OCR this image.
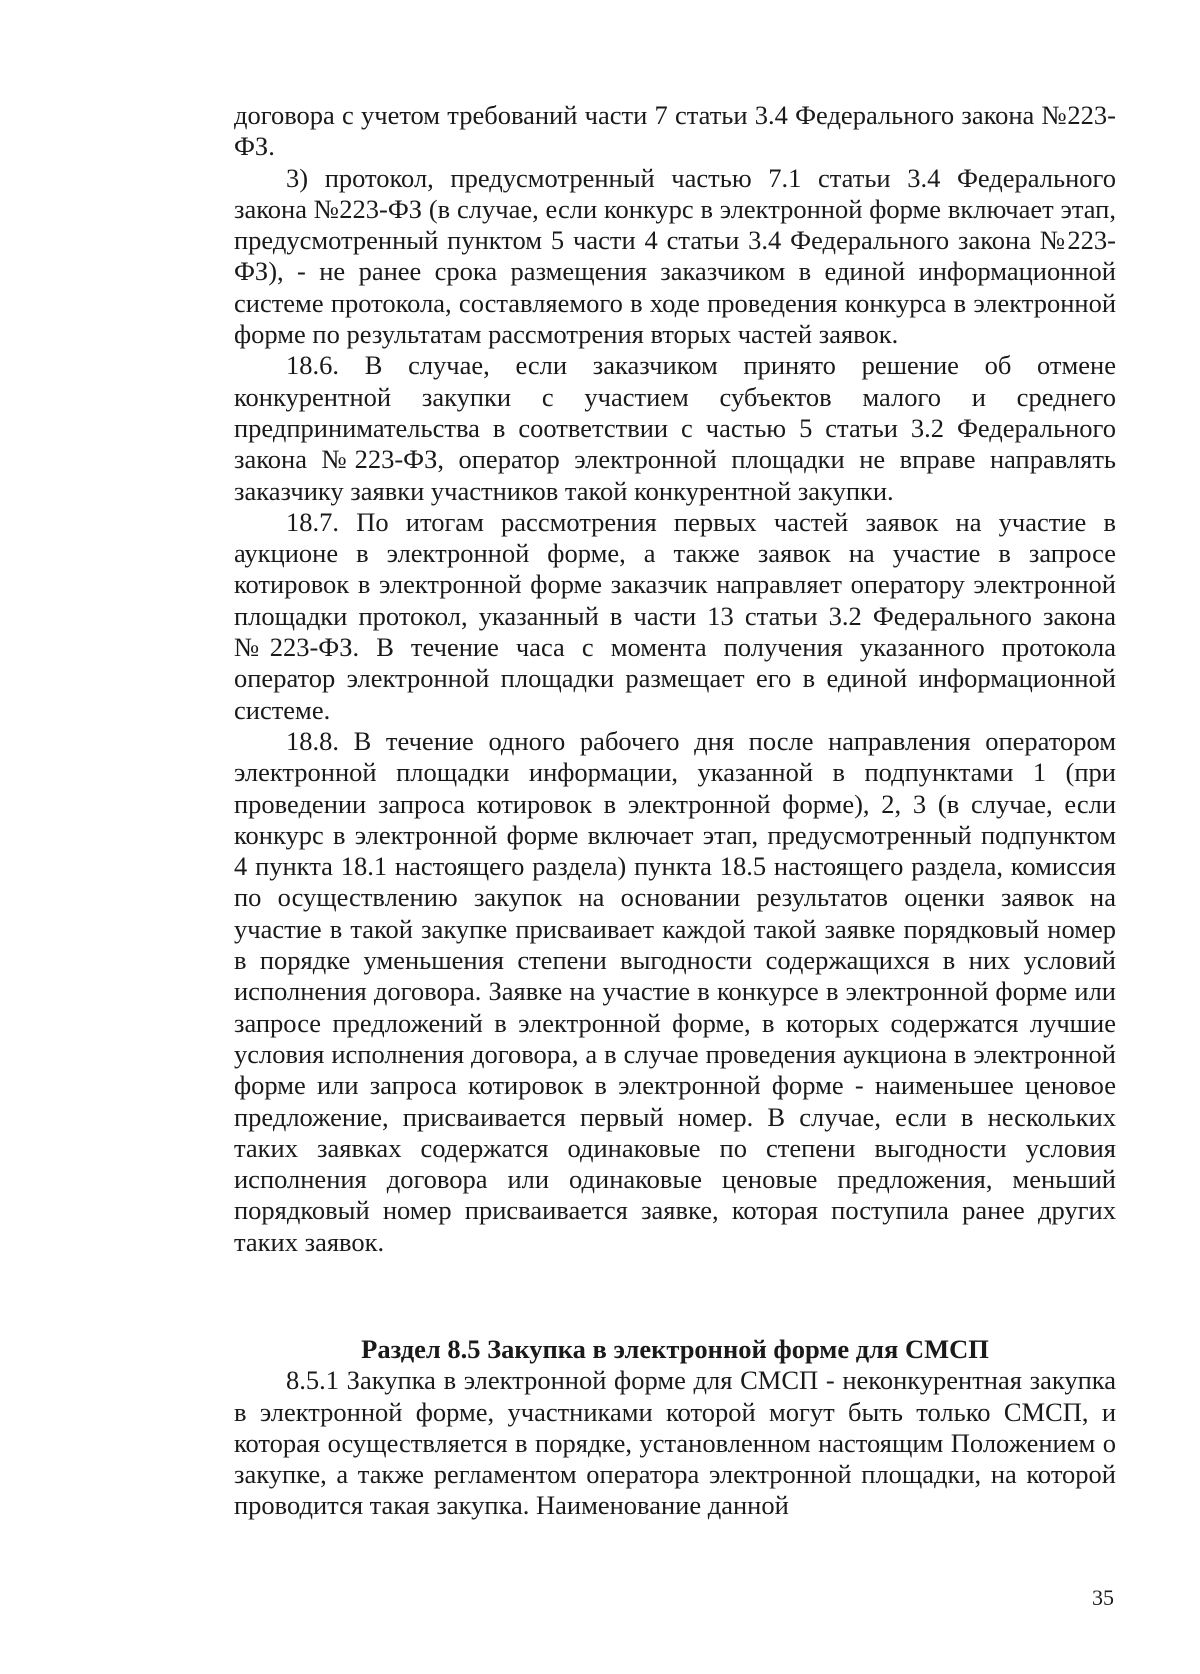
договора с учетом требований части 7 статьи 3.4 Федерального закона №223-ФЗ.

3) протокол, предусмотренный частью 7.1 статьи 3.4 Федерального закона №223-ФЗ (в случае, если конкурс в электронной форме включает этап, предусмотренный пунктом 5 части 4 статьи 3.4 Федерального закона №223-ФЗ), - не ранее срока размещения заказчиком в единой информационной системе протокола, составляемого в ходе проведения конкурса в электронной форме по результатам рассмотрения вторых частей заявок.

18.6. В случае, если заказчиком принято решение об отмене конкурентной закупки с участием субъектов малого и среднего предпринимательства в соответствии с частью 5 статьи 3.2 Федерального закона №223-ФЗ, оператор электронной площадки не вправе направлять заказчику заявки участников такой конкурентной закупки.

18.7. По итогам рассмотрения первых частей заявок на участие в аукционе в электронной форме, а также заявок на участие в запросе котировок в электронной форме заказчик направляет оператору электронной площадки протокол, указанный в части 13 статьи 3.2 Федерального закона №223-ФЗ. В течение часа с момента получения указанного протокола оператор электронной площадки размещает его в единой информационной системе.

18.8. В течение одного рабочего дня после направления оператором электронной площадки информации, указанной в подпунктами 1 (при проведении запроса котировок в электронной форме), 2, 3 (в случае, если конкурс в электронной форме включает этап, предусмотренный подпунктом 4 пункта 18.1 настоящего раздела) пункта 18.5 настоящего раздела, комиссия по осуществлению закупок на основании результатов оценки заявок на участие в такой закупке присваивает каждой такой заявке порядковый номер в порядке уменьшения степени выгодности содержащихся в них условий исполнения договора. Заявке на участие в конкурсе в электронной форме или запросе предложений в электронной форме, в которых содержатся лучшие условия исполнения договора, а в случае проведения аукциона в электронной форме или запроса котировок в электронной форме - наименьшее ценовое предложение, присваивается первый номер. В случае, если в нескольких таких заявках содержатся одинаковые по степени выгодности условия исполнения договора или одинаковые ценовые предложения, меньший порядковый номер присваивается заявке, которая поступила ранее других таких заявок.

Раздел 8.5 Закупка в электронной форме для СМСП

8.5.1 Закупка в электронной форме для СМСП - неконкурентная закупка в электронной форме, участниками которой могут быть только СМСП, и которая осуществляется в порядке, установленном настоящим Положением о закупке, а также регламентом оператора электронной площадки, на которой проводится такая закупка. Наименование данной

35
